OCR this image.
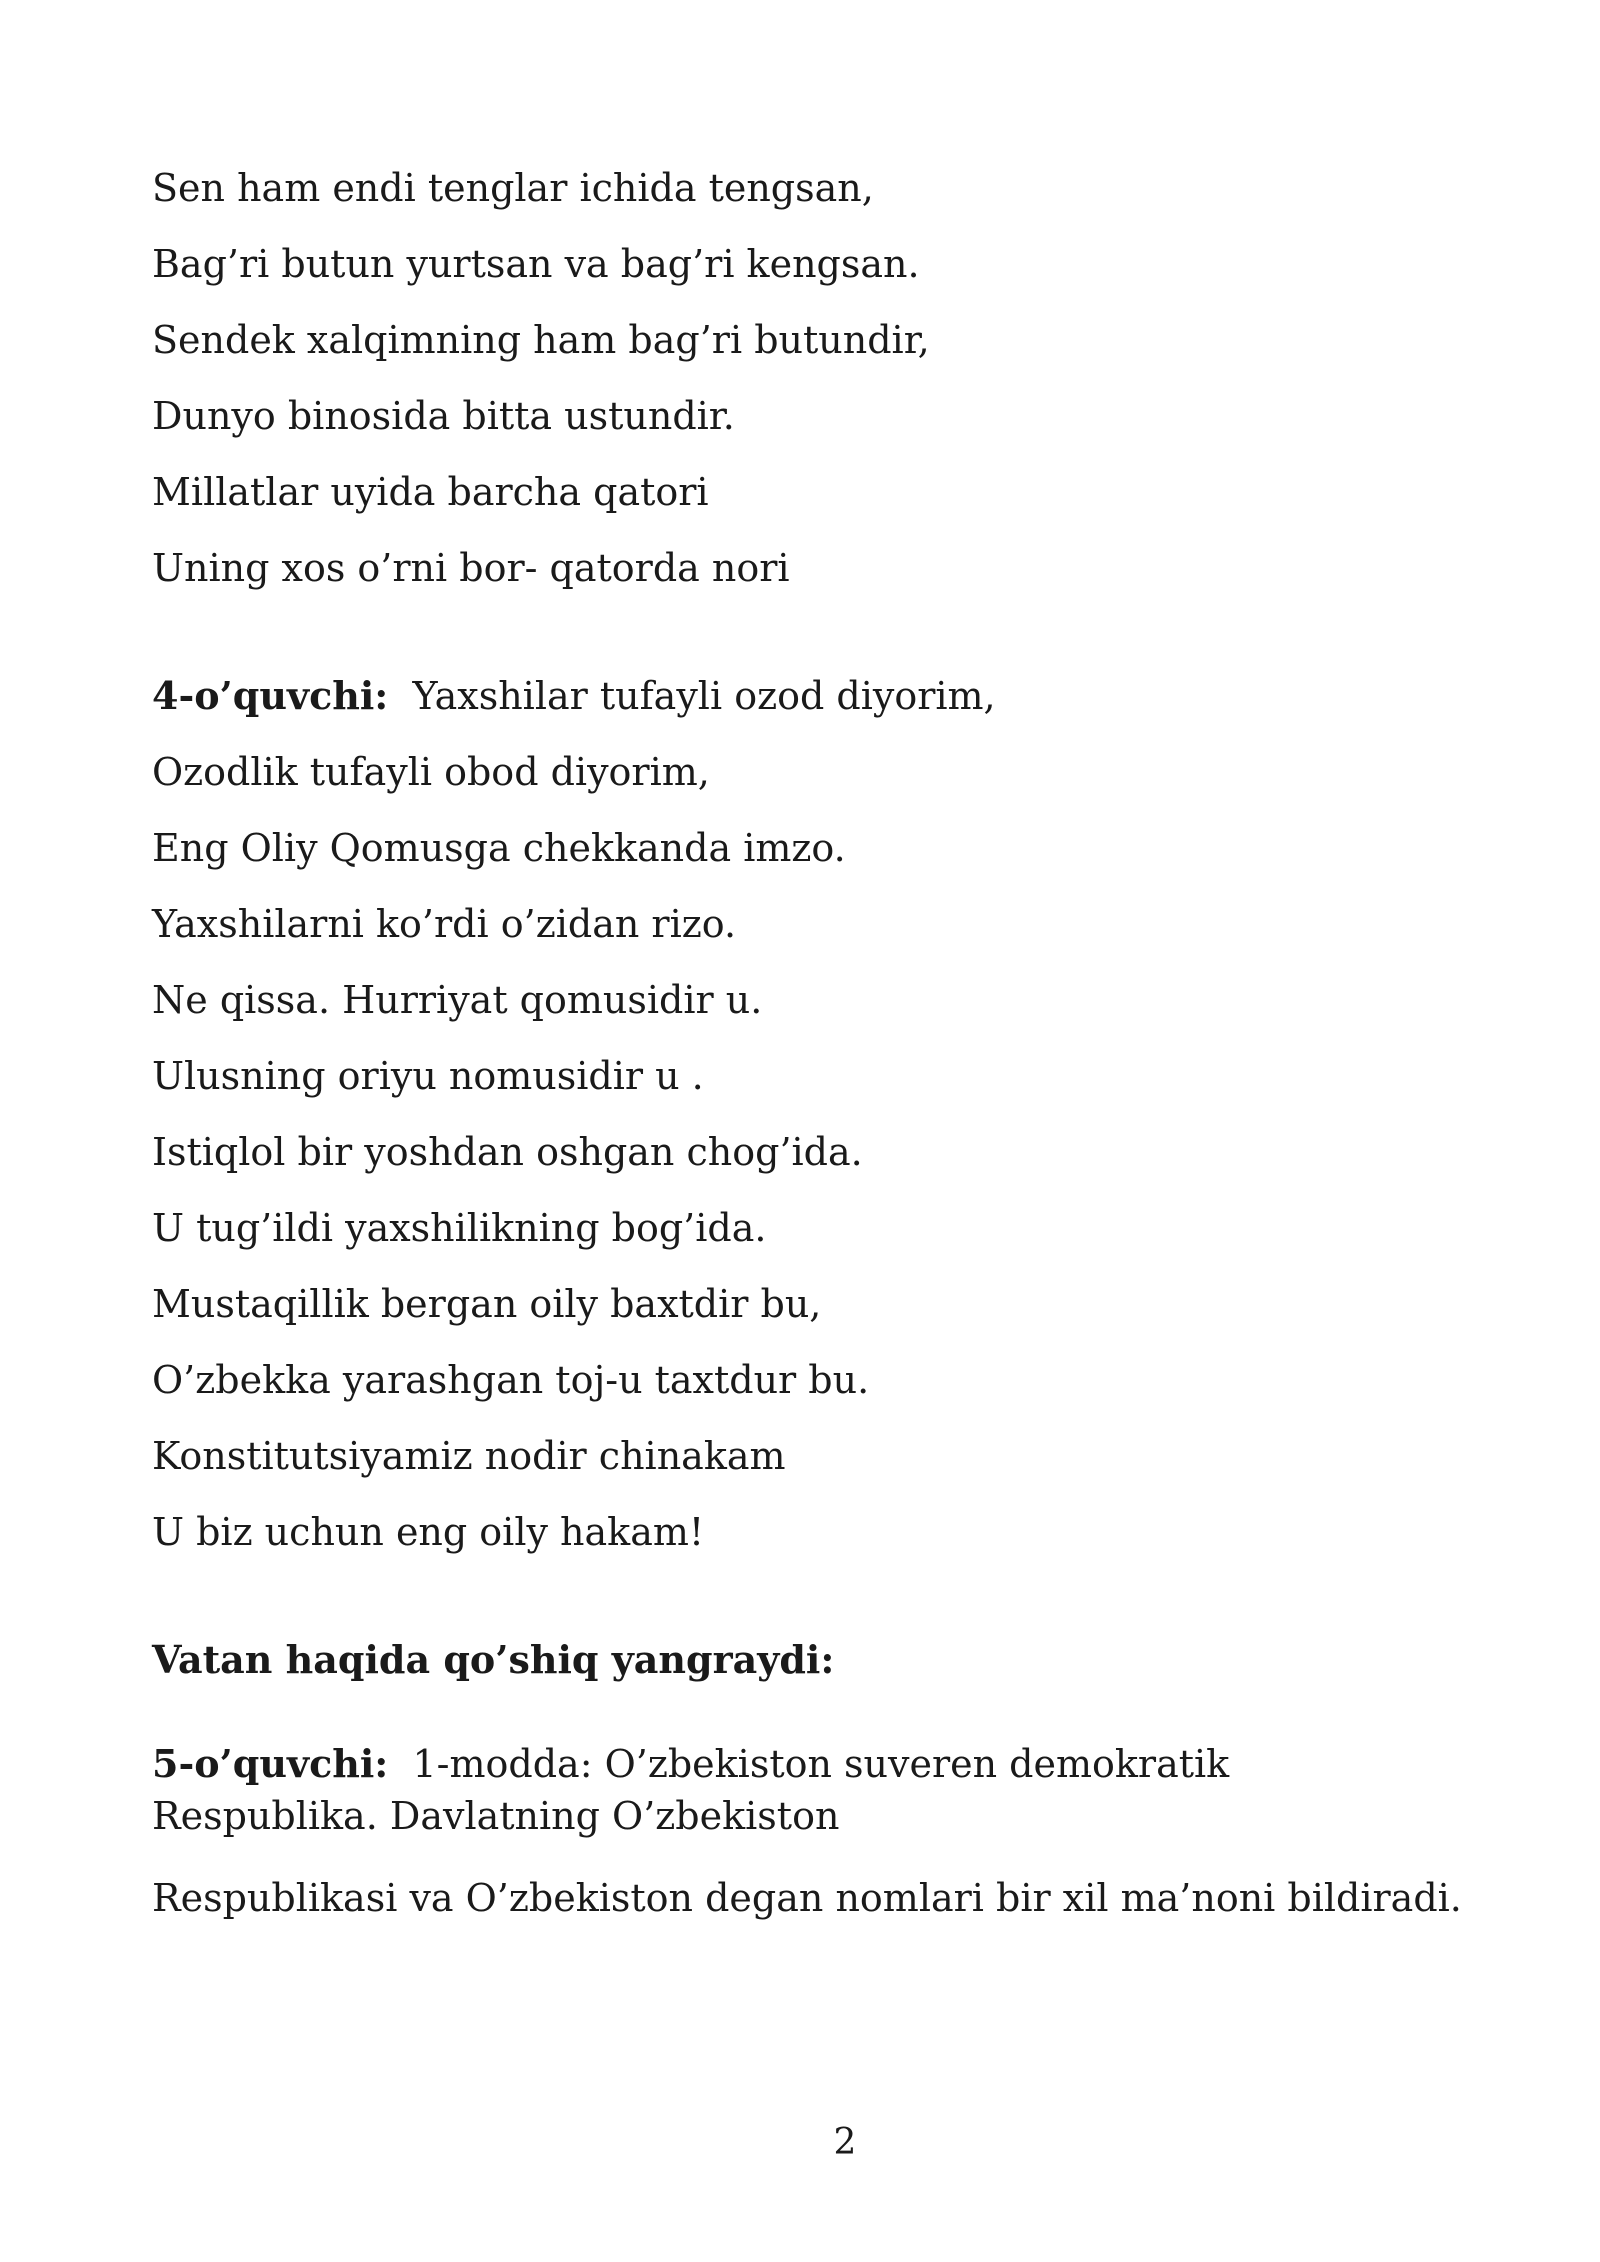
Sen ham endi tenglar ichida tengsan,
Bag’ri butun yurtsan va bag’ri kengsan.
Sendek xalqimning ham bag’ri butundir,
Dunyo binosida bitta ustundir.
Millatlar uyida barcha qatori
Uning xos o’rni bor- qatorda nori
4-o’quvchi: Yaxshilar tufayli ozod diyorim,
Ozodlik tufayli obod diyorim,
Eng Oliy Qomusga chekkanda imzo.
Yaxshilarni ko’rdi o’zidan rizo.
Ne qissa. Hurriyat qomusidir u.
Ulusning oriyu nomusidir u .
Istiqlol bir yoshdan oshgan chog’ida.
U tug’ildi yaxshilikning bog’ida.
Mustaqillik bergan oily baxtdir bu,
O’zbekka yarashgan toj-u taxtdur bu.
Konstitutsiyamiz nodir chinakam
U biz uchun eng oily hakam!
Vatan haqida qo’shiq yangraydi:
5-o’quvchi: 1-modda: O’zbekiston suveren demokratik Respublika. Davlatning O’zbekiston
Respublikasi va O’zbekiston degan nomlari bir xil ma’noni bildiradi.
2
